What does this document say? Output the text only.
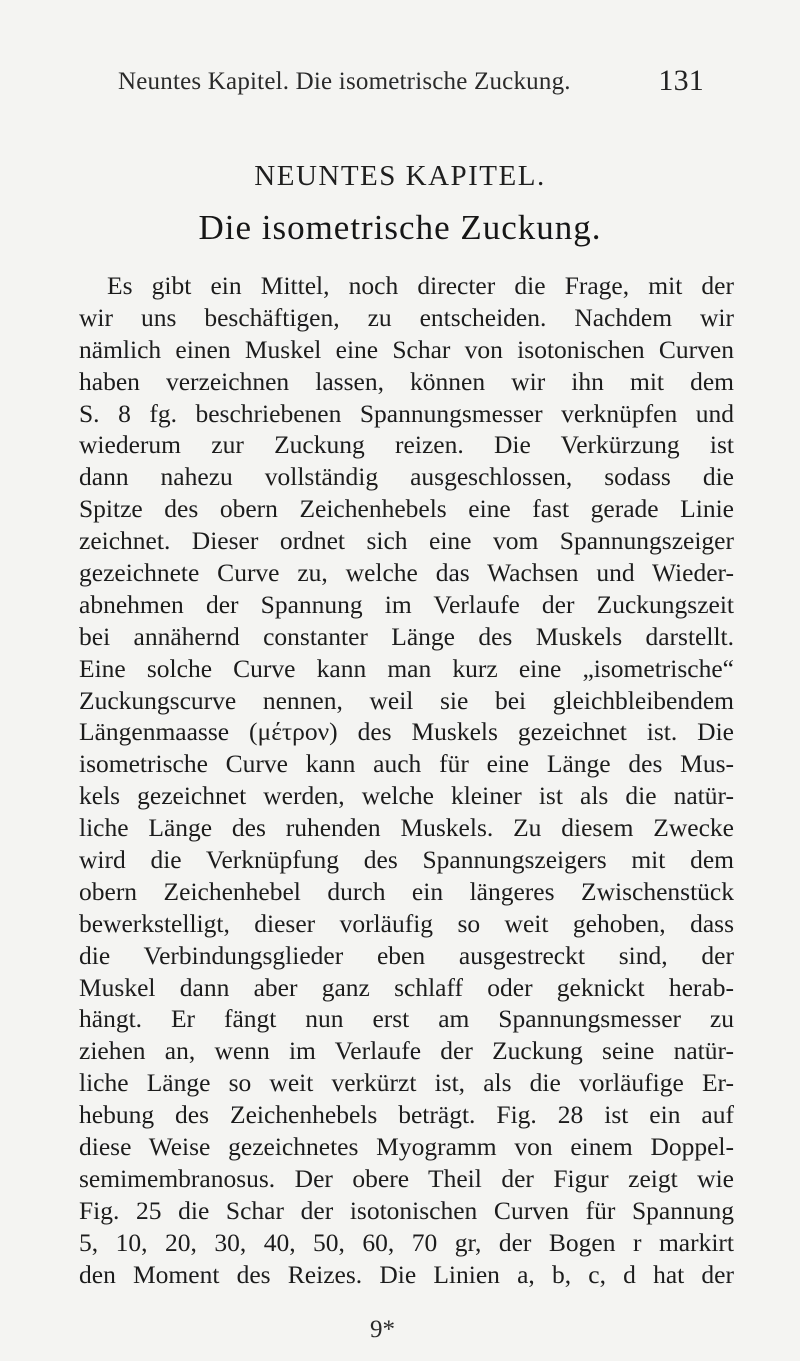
Neuntes Kapitel. Die isometrische Zuckung.	131
NEUNTES KAPITEL.
Die isometrische Zuckung.
Es gibt ein Mittel, noch directer die Frage, mit der
wir uns beschäftigen, zu entscheiden. Nachdem wir
nämlich einen Muskel eine Schar von isotonischen Curven
haben verzeichnen lassen, können wir ihn mit dem
S. 8 fg. beschriebenen Spannungsmesser verknüpfen und
wiederum zur Zuckung reizen. Die Verkürzung ist
dann nahezu vollständig ausgeschlossen, sodass die
Spitze des obern Zeichenhebels eine fast gerade Linie
zeichnet. Dieser ordnet sich eine vom Spannungszeiger
gezeichnete Curve zu, welche das Wachsen und Wieder-
abnehmen der Spannung im Verlaufe der Zuckungszeit
bei annähernd constanter Länge des Muskels darstellt.
Eine solche Curve kann man kurz eine „isometrische“
Zuckungscurve nennen, weil sie bei gleichbleibendem
Längenmaasse (μέτρον) des Muskels gezeichnet ist. Die
isometrische Curve kann auch für eine Länge des Mus-
kels gezeichnet werden, welche kleiner ist als die natür-
liche Länge des ruhenden Muskels. Zu diesem Zwecke
wird die Verknüpfung des Spannungszeigers mit dem
obern Zeichenhebel durch ein längeres Zwischenstück
bewerkstelligt, dieser vorläufig so weit gehoben, dass
die Verbindungsglieder eben ausgestreckt sind, der
Muskel dann aber ganz schlaff oder geknickt herab-
hängt. Er fängt nun erst am Spannungsmesser zu
ziehen an, wenn im Verlaufe der Zuckung seine natür-
liche Länge so weit verkürzt ist, als die vorläufige Er-
hebung des Zeichenhebels beträgt. Fig. 28 ist ein auf
diese Weise gezeichnetes Myogramm von einem Doppel-
semimembranosus. Der obere Theil der Figur zeigt wie
Fig. 25 die Schar der isotonischen Curven für Spannung
5, 10, 20, 30, 40, 50, 60, 70 gr, der Bogen r markirt
den Moment des Reizes. Die Linien a, b, c, d hat der
9*
